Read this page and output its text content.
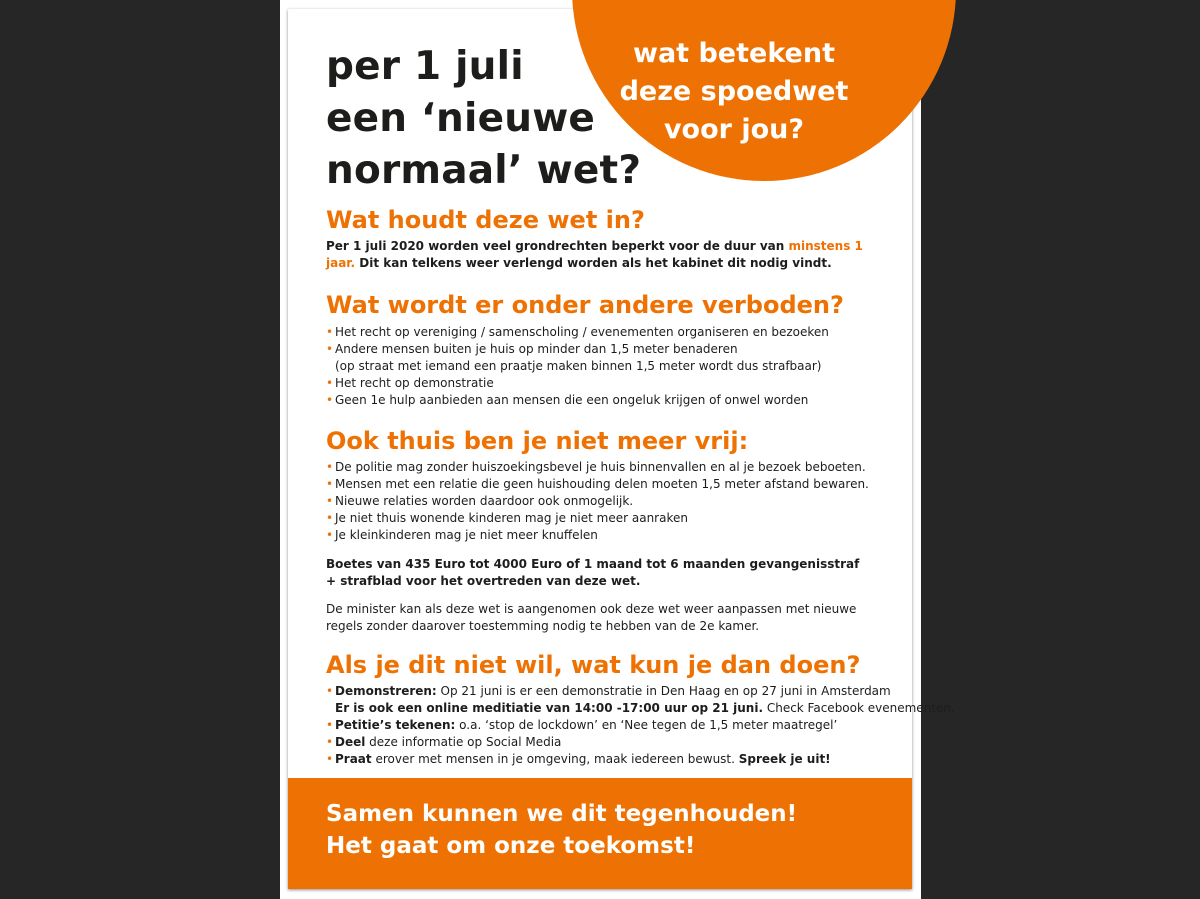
wat betekent
deze spoedwet
voor jou?
per 1 juli
een ‘nieuwe
normaal’ wet?
Wat houdt deze wet in?
Per 1 juli 2020 worden veel grondrechten beperkt voor de duur van minstens 1 jaar. Dit kan telkens weer verlengd worden als het kabinet dit nodig vindt.
Wat wordt er onder andere verboden?
• Het recht op vereniging / samenscholing / evenementen organiseren en bezoeken
• Andere mensen buiten je huis op minder dan 1,5 meter benaderen
(op straat met iemand een praatje maken binnen 1,5 meter wordt dus strafbaar)
• Het recht op demonstratie
• Geen 1e hulp aanbieden aan mensen die een ongeluk krijgen of onwel worden
Ook thuis ben je niet meer vrij:
• De politie mag zonder huiszoekingsbevel je huis binnenvallen en al je bezoek beboeten.
• Mensen met een relatie die geen huishouding delen moeten 1,5 meter afstand bewaren.
• Nieuwe relaties worden daardoor ook onmogelijk.
• Je niet thuis wonende kinderen mag je niet meer aanraken
• Je kleinkinderen mag je niet meer knuffelen
Boetes van 435 Euro tot 4000 Euro of 1 maand tot 6 maanden gevangenisstraf + strafblad voor het overtreden van deze wet.
De minister kan als deze wet is aangenomen ook deze wet weer aanpassen met nieuwe regels zonder daarover toestemming nodig te hebben van de 2e kamer.
Als je dit niet wil, wat kun je dan doen?
• Demonstreren: Op 21 juni is er een demonstratie in Den Haag en op 27 juni in Amsterdam
Er is ook een online meditiatie van 14:00 -17:00 uur op 21 juni. Check Facebook evenementen.
• Petitie’s tekenen: o.a. ‘stop de lockdown’ en ‘Nee tegen de 1,5 meter maatregel’
• Deel deze informatie op Social Media
• Praat erover met mensen in je omgeving, maak iedereen bewust. Spreek je uit!
Samen kunnen we dit tegenhouden!
Het gaat om onze toekomst!
